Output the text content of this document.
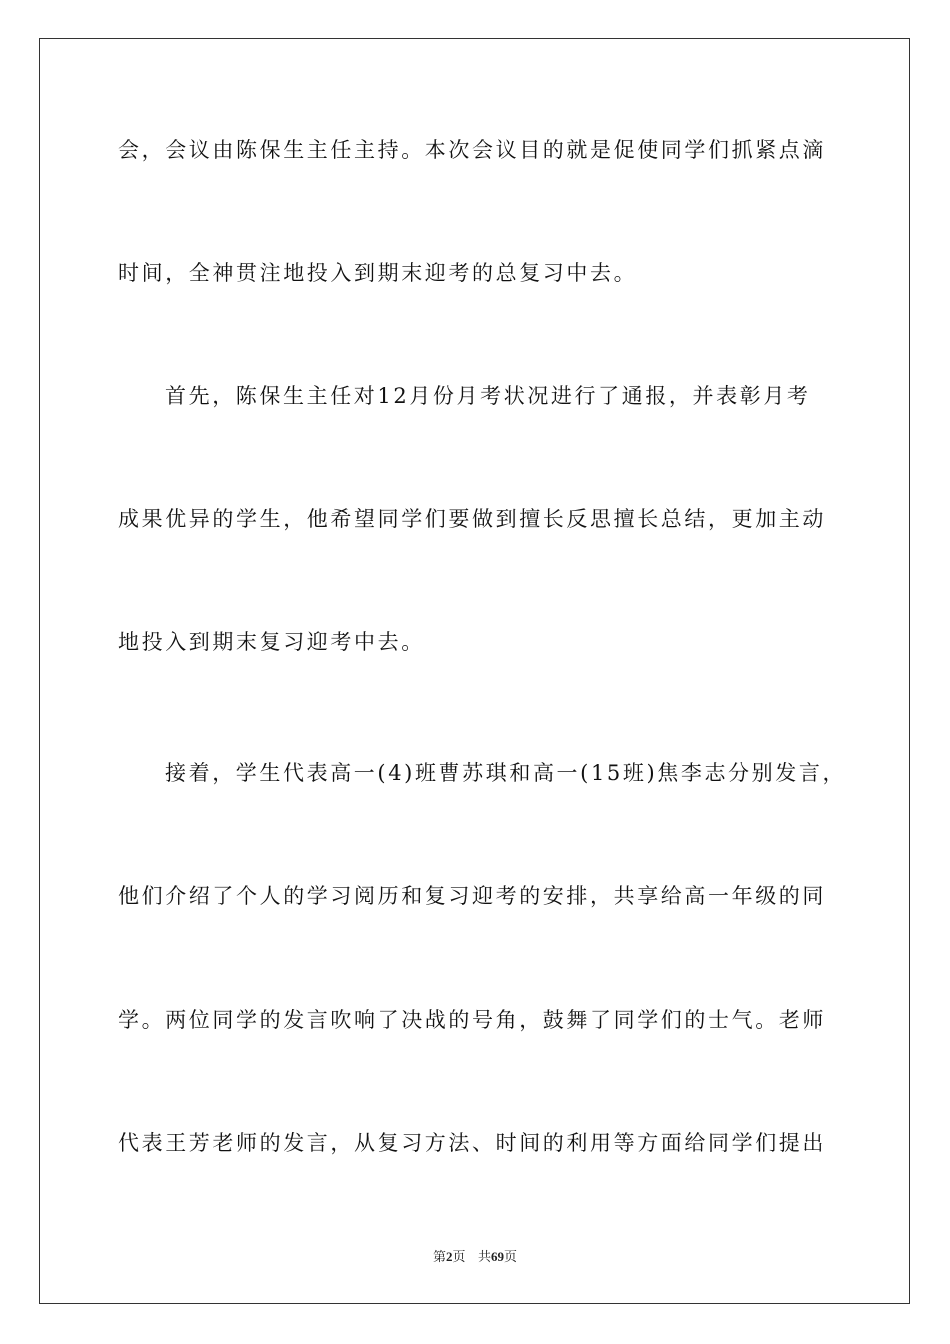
会，会议由陈保生主任主持。本次会议目的就是促使同学们抓紧点滴
时间，全神贯注地投入到期末迎考的总复习中去。
首先，陈保生主任对12月份月考状况进行了通报，并表彰月考
成果优异的学生，他希望同学们要做到擅长反思擅长总结，更加主动
地投入到期末复习迎考中去。
接着，学生代表高一(4)班曹苏琪和高一(15班)焦李志分别发言，
他们介绍了个人的学习阅历和复习迎考的安排，共享给高一年级的同
学。两位同学的发言吹响了决战的号角，鼓舞了同学们的士气。老师
代表王芳老师的发言，从复习方法、时间的利用等方面给同学们提出
第2页 共69页
